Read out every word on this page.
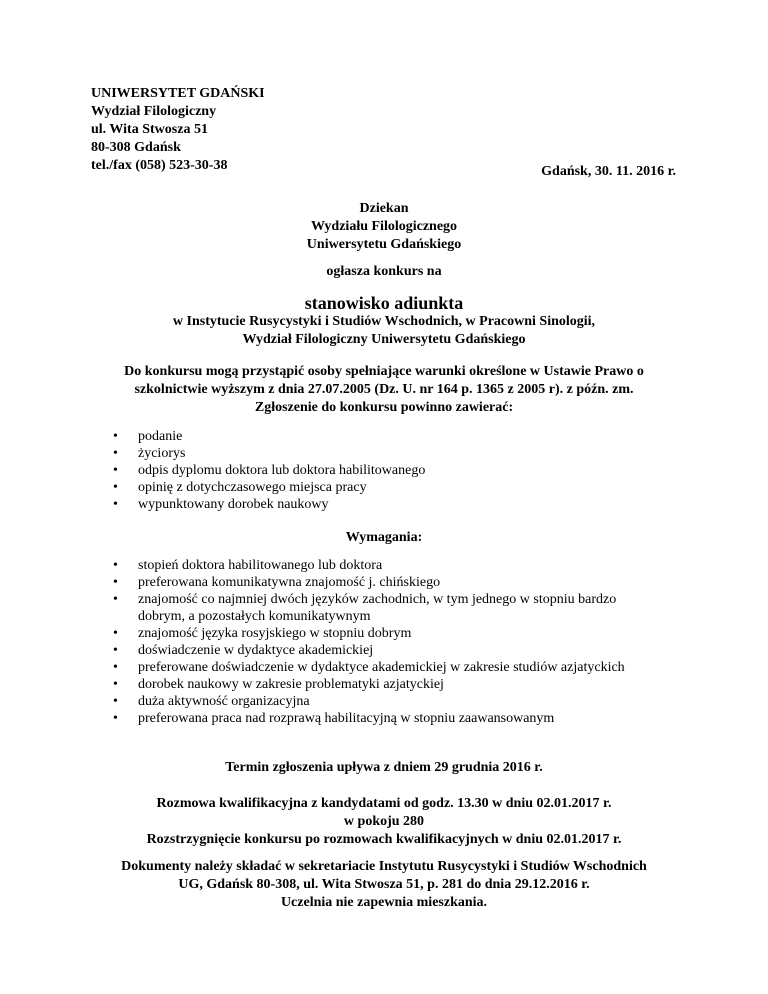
UNIWERSYTET GDAŃSKI
Wydział Filologiczny
ul. Wita Stwosza 51
80-308 Gdańsk
tel./fax (058) 523-30-38	Gdańsk, 30. 11. 2016 r.
Dziekan
Wydziału Filologicznego
Uniwersytetu Gdańskiego
ogłasza konkurs na
stanowisko adiunkta
w Instytucie Rusycystyki i Studiów Wschodnich, w Pracowni Sinologii,
Wydział Filologiczny Uniwersytetu Gdańskiego
Do konkursu mogą przystąpić osoby spełniające warunki określone w Ustawie Prawo o
szkolnictwie wyższym z dnia 27.07.2005 (Dz. U. nr 164 p. 1365 z 2005 r). z późn. zm.
Zgłoszenie do konkursu powinno zawierać:
• podanie
• życiorys
• odpis dyplomu doktora lub doktora habilitowanego
• opinię z dotychczasowego miejsca pracy
• wypunktowany dorobek naukowy
Wymagania:
• stopień doktora habilitowanego lub doktora
• preferowana komunikatywna znajomość j. chińskiego
• znajomość co najmniej dwóch języków zachodnich, w tym jednego w stopniu bardzo
dobrym, a pozostałych komunikatywnym
• znajomość języka rosyjskiego w stopniu dobrym
• doświadczenie w dydaktyce akademickiej
• preferowane doświadczenie w dydaktyce akademickiej w zakresie studiów azjatyckich
• dorobek naukowy w zakresie problematyki azjatyckiej
• duża aktywność organizacyjna
• preferowana praca nad rozprawą habilitacyjną w stopniu zaawansowanym
Termin zgłoszenia upływa z dniem 29 grudnia 2016 r.
Rozmowa kwalifikacyjna z kandydatami od godz. 13.30 w dniu 02.01.2017 r.
w pokoju 280
Rozstrzygnięcie konkursu po rozmowach kwalifikacyjnych w dniu 02.01.2017 r.
Dokumenty należy składać w sekretariacie Instytutu Rusycystyki i Studiów Wschodnich
UG, Gdańsk 80-308, ul. Wita Stwosza 51, p. 281 do dnia 29.12.2016 r.
Uczelnia nie zapewnia mieszkania.
